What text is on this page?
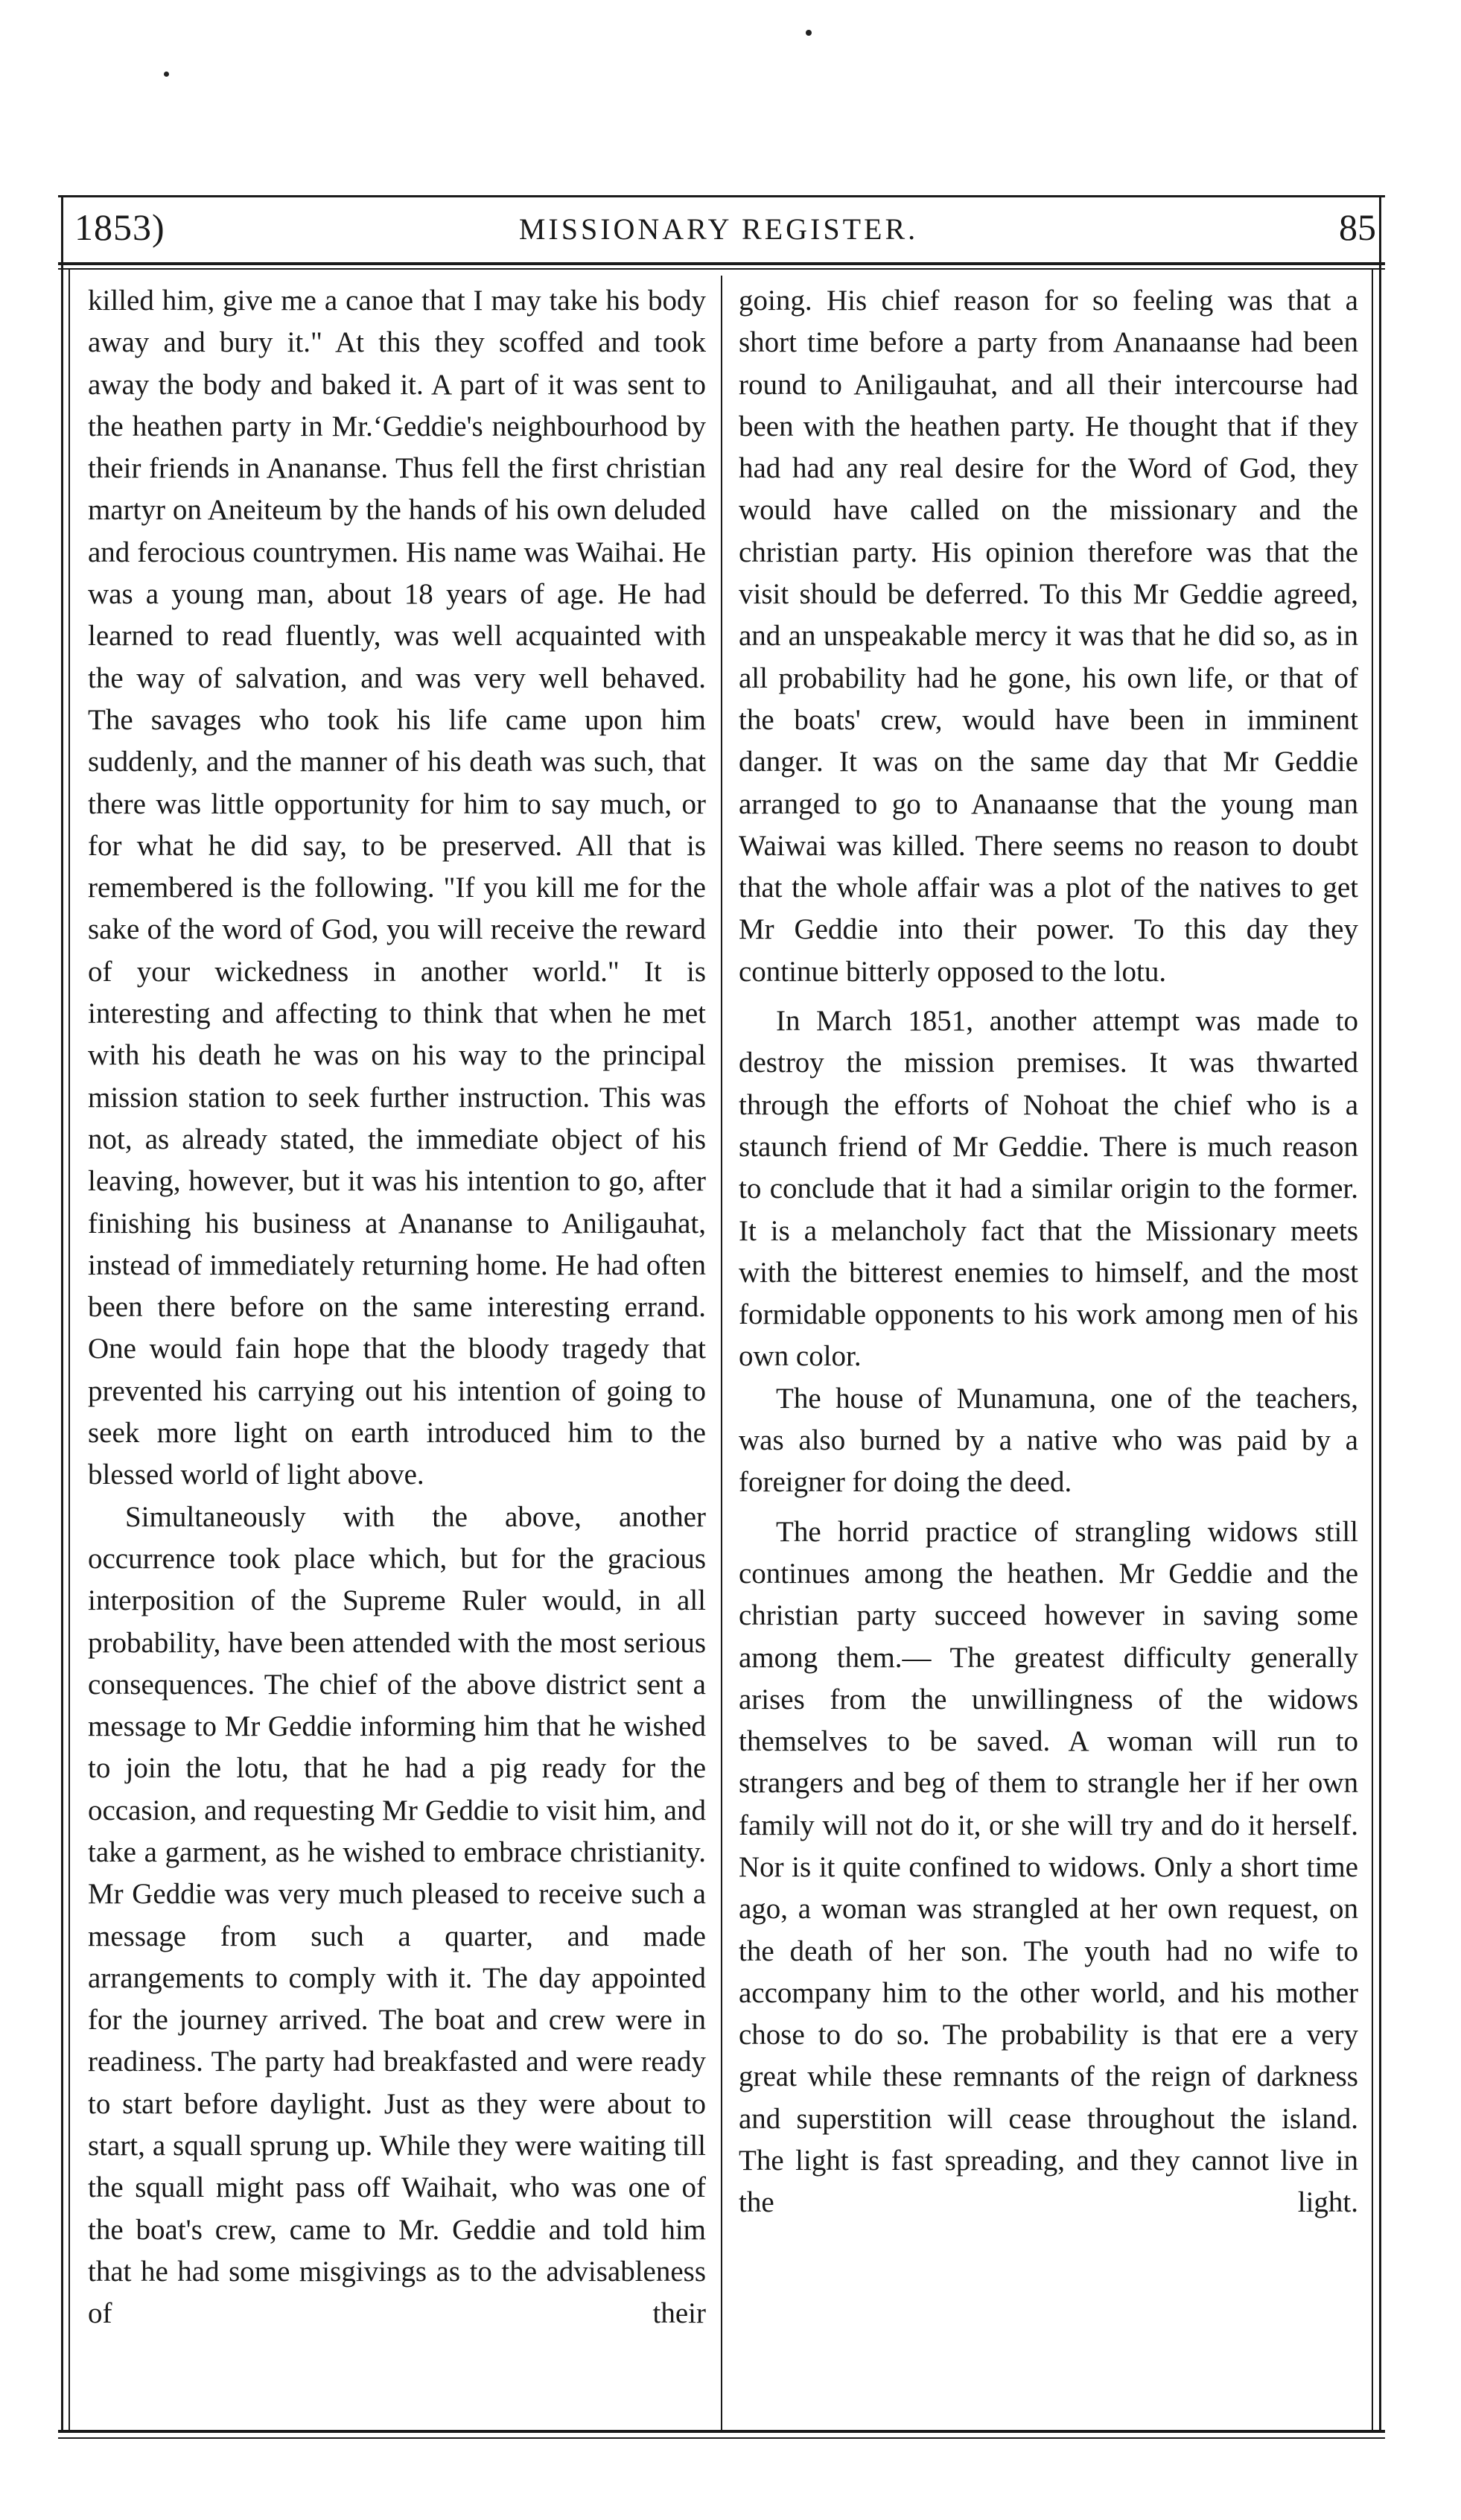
1853)	MISSIONARY REGISTER.	85

killed him, give me a canoe that I may take his body away and bury it." At this they scoffed and took away the body and baked it. A part of it was sent to the heathen party in Mr.‘Geddie's neighbourhood by their friends in Anananse. Thus fell the first christian martyr on Aneiteum by the hands of his own deluded and ferocious countrymen. His name was Waihai. He was a young man, about 18 years of age. He had learned to read fluently, was well acquainted with the way of salvation, and was very well behaved. The savages who took his life came upon him suddenly, and the manner of his death was such, that there was little opportunity for him to say much, or for what he did say, to be preserved. All that is remembered is the following. "If you kill me for the sake of the word of God, you will receive the reward of your wickedness in another world." It is interesting and affecting to think that when he met with his death he was on his way to the principal mission station to seek further instruction. This was not, as already stated, the immediate object of his leaving, however, but it was his intention to go, after finishing his business at Anananse to Aniligauhat, instead of immediately returning home. He had often been there before on the same interesting errand. One would fain hope that the bloody tragedy that prevented his carrying out his intention of going to seek more light on earth introduced him to the blessed world of light above.

Simultaneously with the above, another occurrence took place which, but for the gracious interposition of the Supreme Ruler would, in all probability, have been attended with the most serious consequences. The chief of the above district sent a message to Mr Geddie informing him that he wished to join the lotu, that he had a pig ready for the occasion, and requesting Mr Geddie to visit him, and take a garment, as he wished to embrace christianity. Mr Geddie was very much pleased to receive such a message from such a quarter, and made arrangements to comply with it. The day appointed for the journey arrived. The boat and crew were in readiness. The party had breakfasted and were ready to start before daylight. Just as they were about to start, a squall sprung up. While they were waiting till the squall might pass off Waihait, who was one of the boat's crew, came to Mr. Geddie and told him that he had some misgivings as to the advisableness of their

going. His chief reason for so feeling was that a short time before a party from Ananaanse had been round to Aniligauhat, and all their intercourse had been with the heathen party. He thought that if they had had any real desire for the Word of God, they would have called on the missionary and the christian party. His opinion therefore was that the visit should be deferred. To this Mr Geddie agreed, and an unspeakable mercy it was that he did so, as in all probability had he gone, his own life, or that of the boats' crew, would have been in imminent danger. It was on the same day that Mr Geddie arranged to go to Ananaanse that the young man Waiwai was killed. There seems no reason to doubt that the whole affair was a plot of the natives to get Mr Geddie into their power. To this day they continue bitterly opposed to the lotu.

In March 1851, another attempt was made to destroy the mission premises. It was thwarted through the efforts of Nohoat the chief who is a staunch friend of Mr Geddie. There is much reason to conclude that it had a similar origin to the former. It is a melancholy fact that the Missionary meets with the bitterest enemies to himself, and the most formidable opponents to his work among men of his own color.

The house of Munamuna, one of the teachers, was also burned by a native who was paid by a foreigner for doing the deed.

The horrid practice of strangling widows still continues among the heathen. Mr Geddie and the christian party succeed however in saving some among them.— The greatest difficulty generally arises from the unwillingness of the widows themselves to be saved. A woman will run to strangers and beg of them to strangle her if her own family will not do it, or she will try and do it herself. Nor is it quite confined to widows. Only a short time ago, a woman was strangled at her own request, on the death of her son. The youth had no wife to accompany him to the other world, and his mother chose to do so. The probability is that ere a very great while these remnants of the reign of darkness and superstition will cease throughout the island. The light is fast spreading, and they cannot live in the light.
